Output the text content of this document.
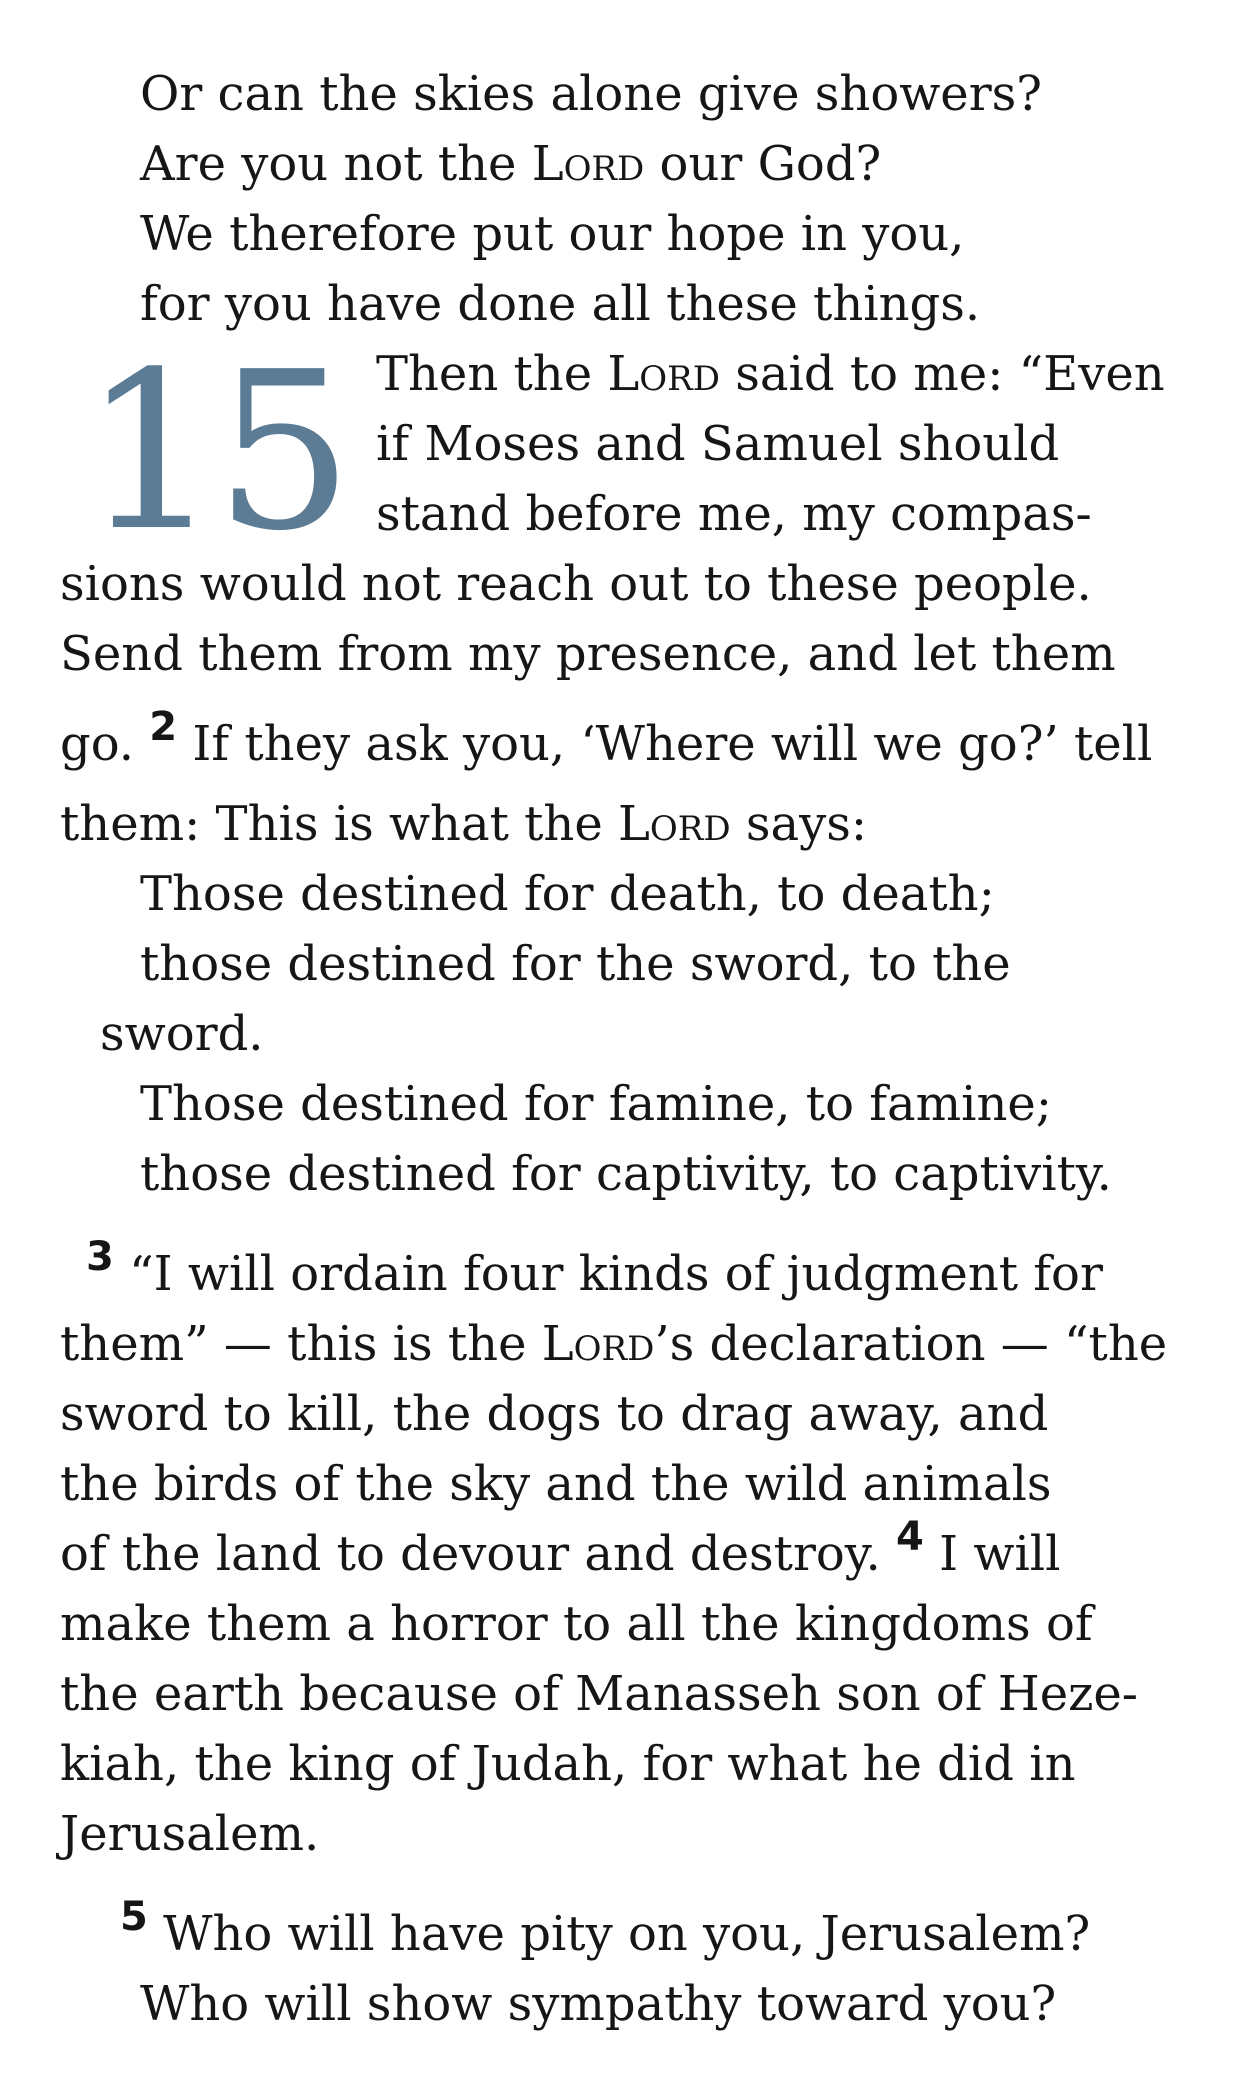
15
Or can the skies alone give showers?
Are you not the Lord our God?
We therefore put our hope in you,
for you have done all these things.
Then the Lord said to me: “Even
if Moses and Samuel should
stand before me, my compas-
sions would not reach out to these people.
Send them from my presence, and let them
go. $^2$ If they ask you, ‘Where will we go?’ tell
them: This is what the Lord says:
Those destined for death, to death;
those destined for the sword, to the
sword.
Those destined for famine, to famine;
those destined for captivity, to captivity.
$^3$ “I will ordain four kinds of judgment for
them” — this is the Lord’s declaration — “the
sword to kill, the dogs to drag away, and
the birds of the sky and the wild animals
of the land to devour and destroy. $^4$ I will
make them a horror to all the kingdoms of
the earth because of Manasseh son of Heze-
kiah, the king of Judah, for what he did in
Jerusalem.
$^5$ Who will have pity on you, Jerusalem?
Who will show sympathy toward you?
